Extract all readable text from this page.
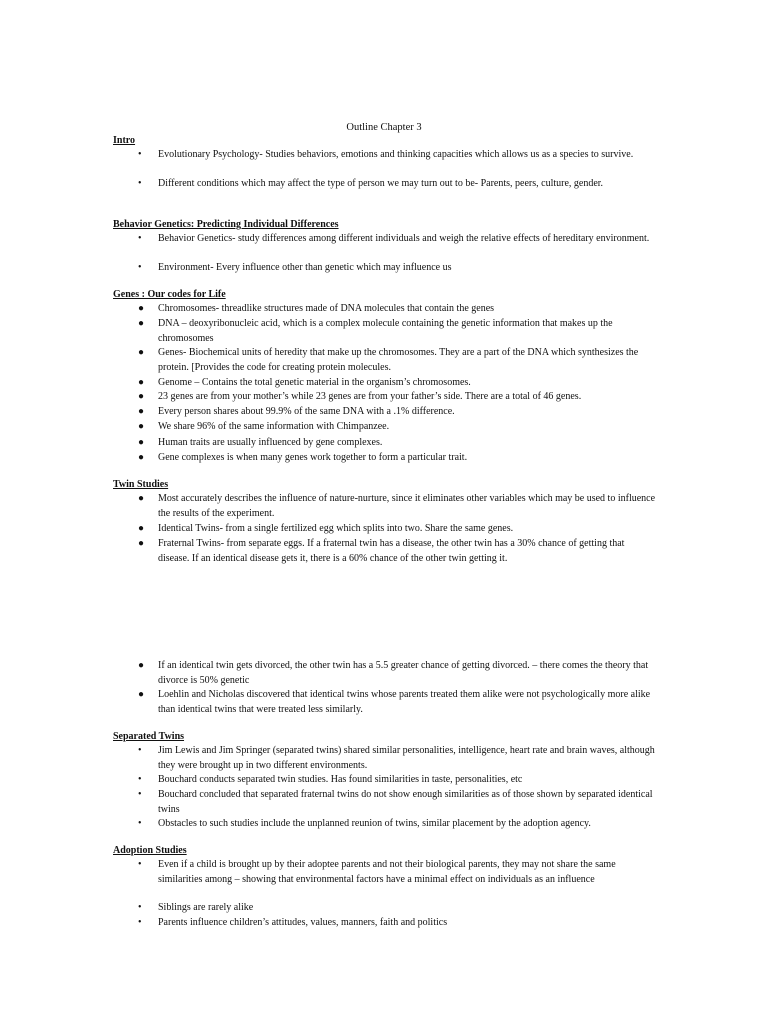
Outline Chapter 3
Intro
•	Evolutionary Psychology- Studies behaviors, emotions and thinking capacities which allows us as a species to survive.
•	Different conditions which may affect the type of person we may turn out to be- Parents, peers, culture, gender.
Behavior Genetics: Predicting Individual Differences
•	Behavior Genetics- study differences among different individuals and weigh the relative effects of hereditary environment.
•	Environment- Every influence other than genetic which may influence us
Genes : Our codes for Life
●	Chromosomes- threadlike structures made of DNA molecules that contain the genes
●	DNA – deoxyribonucleic acid, which is a complex molecule containing the genetic information that makes up the chromosomes
●	Genes- Biochemical units of heredity that make up the chromosomes. They are a part of the DNA which synthesizes the protein. [Provides the code for creating protein molecules.
●	Genome – Contains the total genetic material in the organism’s chromosomes.
●	23 genes are from your mother’s while 23 genes are from your father’s side. There are a total of 46 genes.
●	Every person shares about 99.9% of the same DNA with a .1% difference.
●	We share 96% of the same information with Chimpanzee.
●	Human traits are usually influenced by gene complexes.
●	Gene complexes is when many genes work together to form a particular trait.
Twin Studies
●	Most accurately describes the influence of nature-nurture, since it eliminates other variables which may be used to influence the results of the experiment.
●	Identical Twins- from a single fertilized egg which splits into two. Share the same genes.
●	Fraternal Twins- from separate eggs. If a fraternal twin has a disease, the other twin has a 30% chance of getting that disease. If an identical disease gets it, there is a 60% chance of the other twin getting it.
●	If an identical twin gets divorced, the other twin has a 5.5 greater chance of getting divorced. – there comes the theory that divorce is 50% genetic
●	Loehlin and Nicholas discovered that identical twins whose parents treated them alike were not psychologically more alike than identical twins that were treated less similarly.
Separated Twins
•	Jim Lewis and Jim Springer (separated twins) shared similar personalities, intelligence, heart rate and brain waves, although they were brought up in two different environments.
•	Bouchard conducts separated twin studies. Has found similarities in taste, personalities, etc
•	Bouchard concluded that separated fraternal twins do not show enough similarities as of those shown by separated identical twins
•	Obstacles to such studies include the unplanned reunion of twins, similar placement by the adoption agency.
Adoption Studies
•	Even if a child is brought up by their adoptee parents and not their biological parents, they may not share the same similarities among – showing that environmental factors have a minimal effect on individuals as an influence
•	Siblings are rarely alike
•	Parents influence children’s attitudes, values, manners, faith and politics
